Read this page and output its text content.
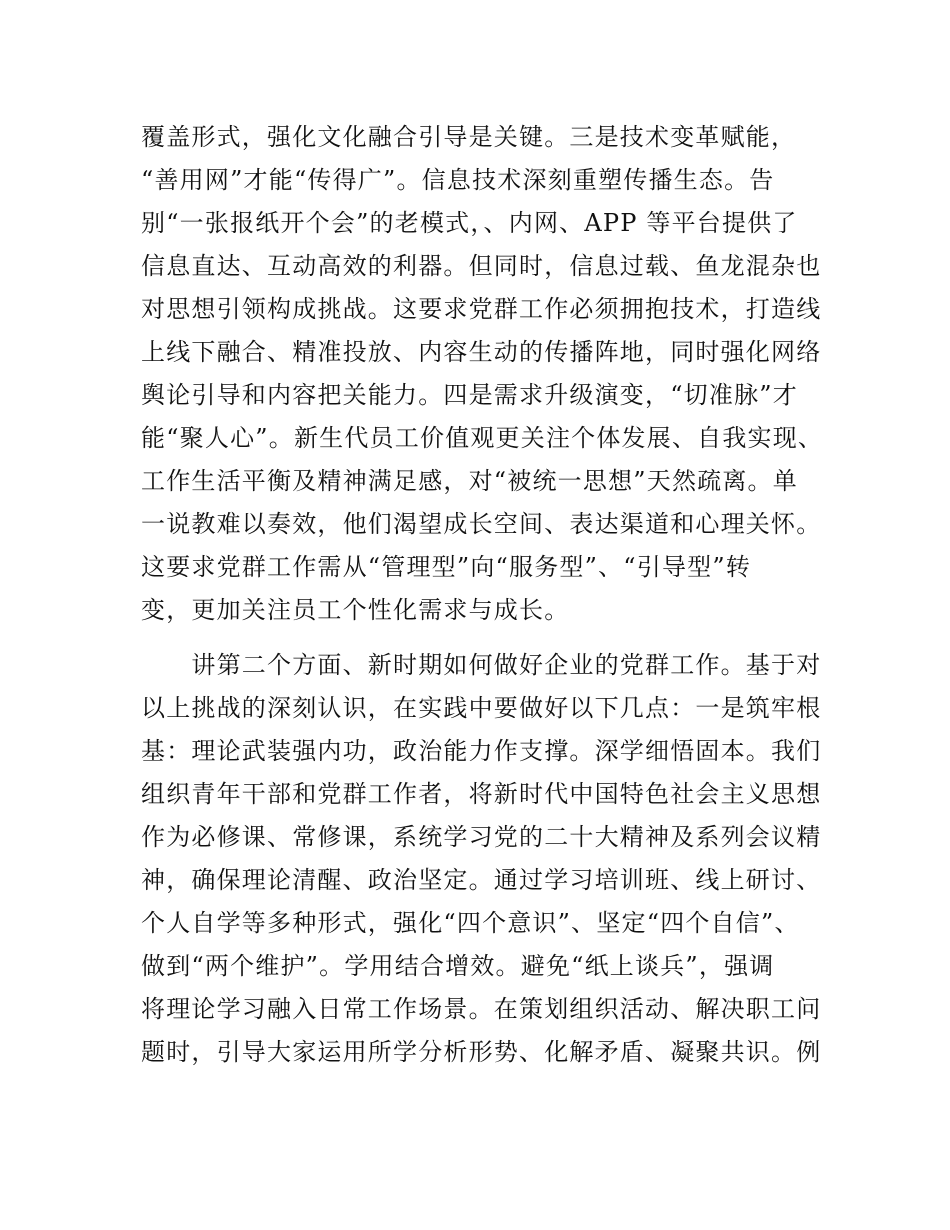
覆盖形式，强化文化融合引导是关键。三是技术变革赋能，
“善用网”才能“传得广”。信息技术深刻重塑传播生态。告
别“一张报纸开个会”的老模式，、内网、APP 等平台提供了
信息直达、互动高效的利器。但同时，信息过载、鱼龙混杂也
对思想引领构成挑战。这要求党群工作必须拥抱技术，打造线
上线下融合、精准投放、内容生动的传播阵地，同时强化网络
舆论引导和内容把关能力。四是需求升级演变，“切准脉”才
能“聚人心”。新生代员工价值观更关注个体发展、自我实现、
工作生活平衡及精神满足感，对“被统一思想”天然疏离。单
一说教难以奏效，他们渴望成长空间、表达渠道和心理关怀。
这要求党群工作需从“管理型”向“服务型”、“引导型”转
变，更加关注员工个性化需求与成长。
　　讲第二个方面、新时期如何做好企业的党群工作。基于对
以上挑战的深刻认识，在实践中要做好以下几点：一是筑牢根
基：理论武装强内功，政治能力作支撑。深学细悟固本。我们
组织青年干部和党群工作者，将新时代中国特色社会主义思想
作为必修课、常修课，系统学习党的二十大精神及系列会议精
神，确保理论清醒、政治坚定。通过学习培训班、线上研讨、
个人自学等多种形式，强化“四个意识”、坚定“四个自信”、
做到“两个维护”。学用结合增效。避免“纸上谈兵”，强调
将理论学习融入日常工作场景。在策划组织活动、解决职工问
题时，引导大家运用所学分析形势、化解矛盾、凝聚共识。例
